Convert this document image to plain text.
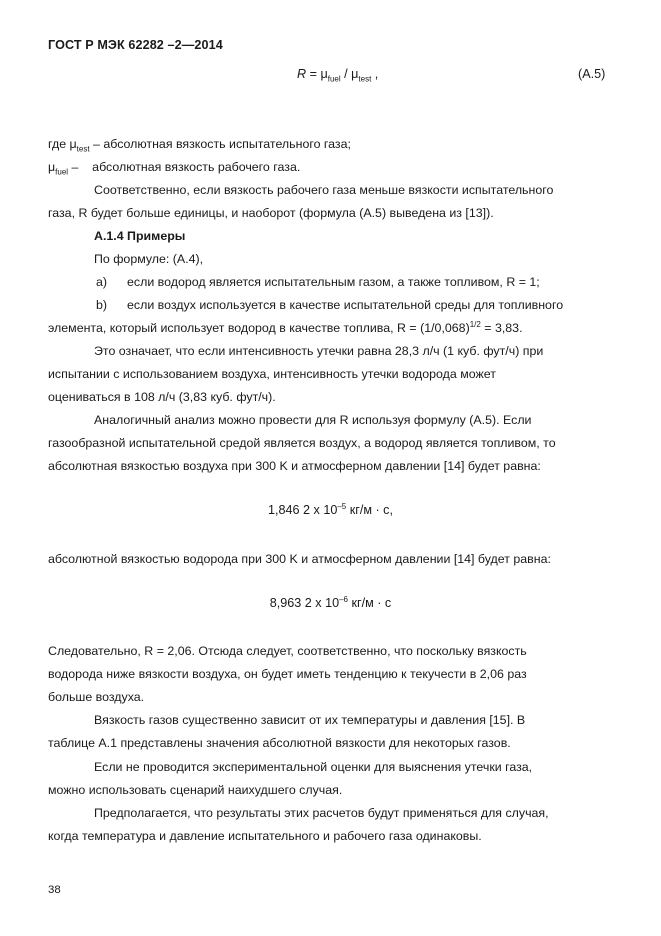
ГОСТ Р МЭК 62282 –2—2014
$R = \mu_{fuel} / \mu_{test}$ ,	(A.5)
где $\mu_{test}$ – абсолютная вязкость испытательного газа;
$\mu_{fuel}$ – абсолютная вязкость рабочего газа.
Соответственно, если вязкость рабочего газа меньше вязкости испытательного
газа, R будет больше единицы, и наоборот (формула (А.5) выведена из [13]).
А.1.4 Примеры
По формуле: (А.4),
а) если водород является испытательным газом, а также топливом, R = 1;
b) если воздух используется в качестве испытательной среды для топливного
элемента, который использует водород в качестве топлива, $R = (1/0,068)^{1/2} = 3,83$.
Это означает, что если интенсивность утечки равна 28,3 л/ч (1 куб. фут/ч) при
испытании с использованием воздуха, интенсивность утечки водорода может
оцениваться в 108 л/ч (3,83 куб. фут/ч).
Аналогичный анализ можно провести для R используя формулу (А.5). Если
газообразной испытательной средой является воздух, а водород является топливом, то
абсолютная вязкостью воздуха при 300 K и атмосферном давлении [14] будет равна:
1,846 2 x $10^{-5}$ кг/м · с,
абсолютной вязкостью водорода при 300 K и атмосферном давлении [14] будет равна:
8,963 2 x $10^{-6}$ кг/м · с
Следовательно, R = 2,06. Отсюда следует, соответственно, что поскольку вязкость
водорода ниже вязкости воздуха, он будет иметь тенденцию к текучести в 2,06 раз
больше воздуха.
Вязкость газов существенно зависит от их температуры и давления [15]. В
таблице А.1 представлены значения абсолютной вязкости для некоторых газов.
Если не проводится экспериментальной оценки для выяснения утечки газа,
можно использовать сценарий наихудшего случая.
Предполагается, что результаты этих расчетов будут применяться для случая,
когда температура и давление испытательного и рабочего газа одинаковы.
38
